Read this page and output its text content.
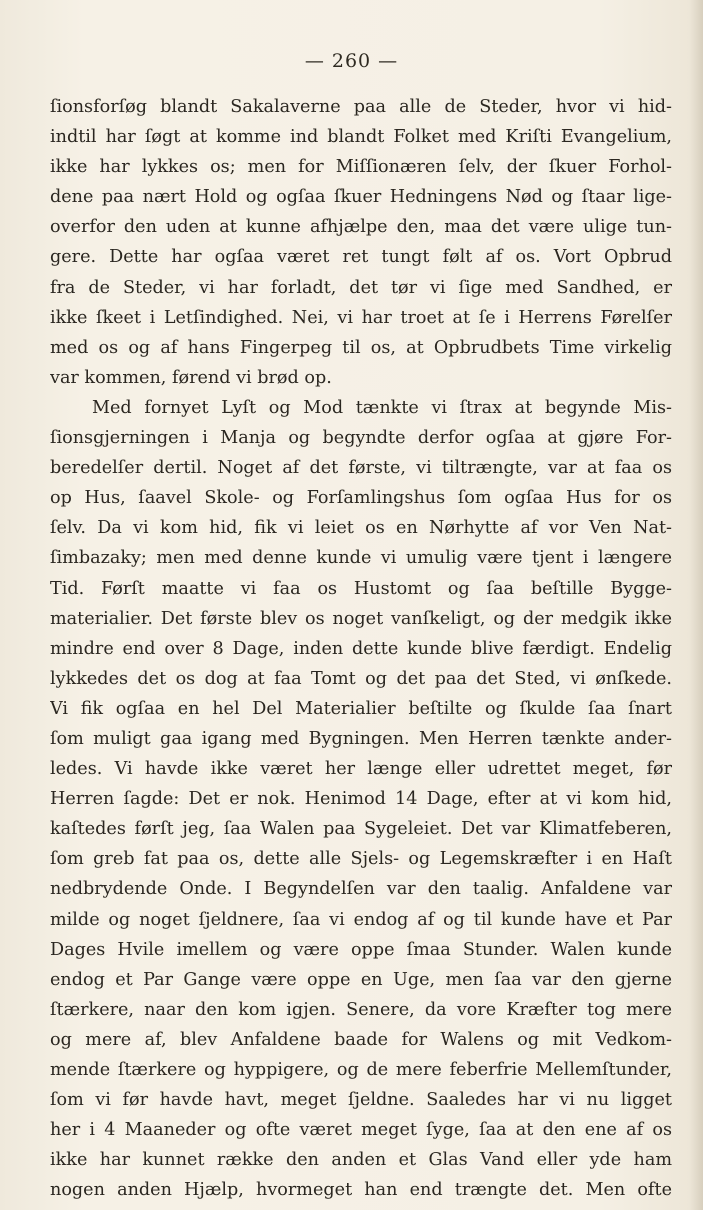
— 260 —
ſionsforſøg blandt Sakalaverne paa alle de Steder, hvor vi hid-
indtil har ſøgt at komme ind blandt Folket med Kriſti Evangelium,
ikke har lykkes os; men for Miſſionæren ſelv, der ſkuer Forhol-
dene paa nært Hold og ogſaa ſkuer Hedningens Nød og ſtaar lige-
overfor den uden at kunne afhjælpe den, maa det være ulige tun-
gere. Dette har ogſaa været ret tungt følt af os. Vort Opbrud
fra de Steder, vi har forladt, det tør vi ſige med Sandhed, er
ikke ſkeet i Letſindighed. Nei, vi har troet at ſe i Herrens Førelſer
med os og af hans Fingerpeg til os, at Opbrudbets Time virkelig
var kommen, førend vi brød op.
Med fornyet Lyſt og Mod tænkte vi ſtrax at begynde Mis-
ſionsgjerningen i Manja og begyndte derfor ogſaa at gjøre For-
beredelſer dertil. Noget af det første, vi tiltrængte, var at faa os
op Hus, ſaavel Skole- og Forſamlingshus ſom ogſaa Hus for os
ſelv. Da vi kom hid, fik vi leiet os en Nørhytte af vor Ven Nat-
ſimbazaky; men med denne kunde vi umulig være tjent i længere
Tid. Førſt maatte vi faa os Hustomt og ſaa beſtille Bygge-
materialier. Det første blev os noget vanſkeligt, og der medgik ikke
mindre end over 8 Dage, inden dette kunde blive færdigt. Endelig
lykkedes det os dog at faa Tomt og det paa det Sted, vi ønſkede.
Vi fik ogſaa en hel Del Materialier beſtilte og ſkulde ſaa ſnart
ſom muligt gaa igang med Bygningen. Men Herren tænkte ander-
ledes. Vi havde ikke været her længe eller udrettet meget, før
Herren ſagde: Det er nok. Henimod 14 Dage, efter at vi kom hid,
kaſtedes førſt jeg, ſaa Walen paa Sygeleiet. Det var Klimatfeberen,
ſom greb fat paa os, dette alle Sjels- og Legemskræfter i en Haſt
nedbrydende Onde. I Begyndelſen var den taalig. Anfaldene var
milde og noget ſjeldnere, ſaa vi endog af og til kunde have et Par
Dages Hvile imellem og være oppe ſmaa Stunder. Walen kunde
endog et Par Gange være oppe en Uge, men ſaa var den gjerne
ſtærkere, naar den kom igjen. Senere, da vore Kræfter tog mere
og mere af, blev Anfaldene baade for Walens og mit Vedkom-
mende ſtærkere og hyppigere, og de mere feberfrie Mellemſtunder,
ſom vi før havde havt, meget ſjeldne. Saaledes har vi nu ligget
her i 4 Maaneder og ofte været meget ſyge, ſaa at den ene af os
ikke har kunnet række den anden et Glas Vand eller yde ham
nogen anden Hjælp, hvormeget han end trængte det. Men ofte
